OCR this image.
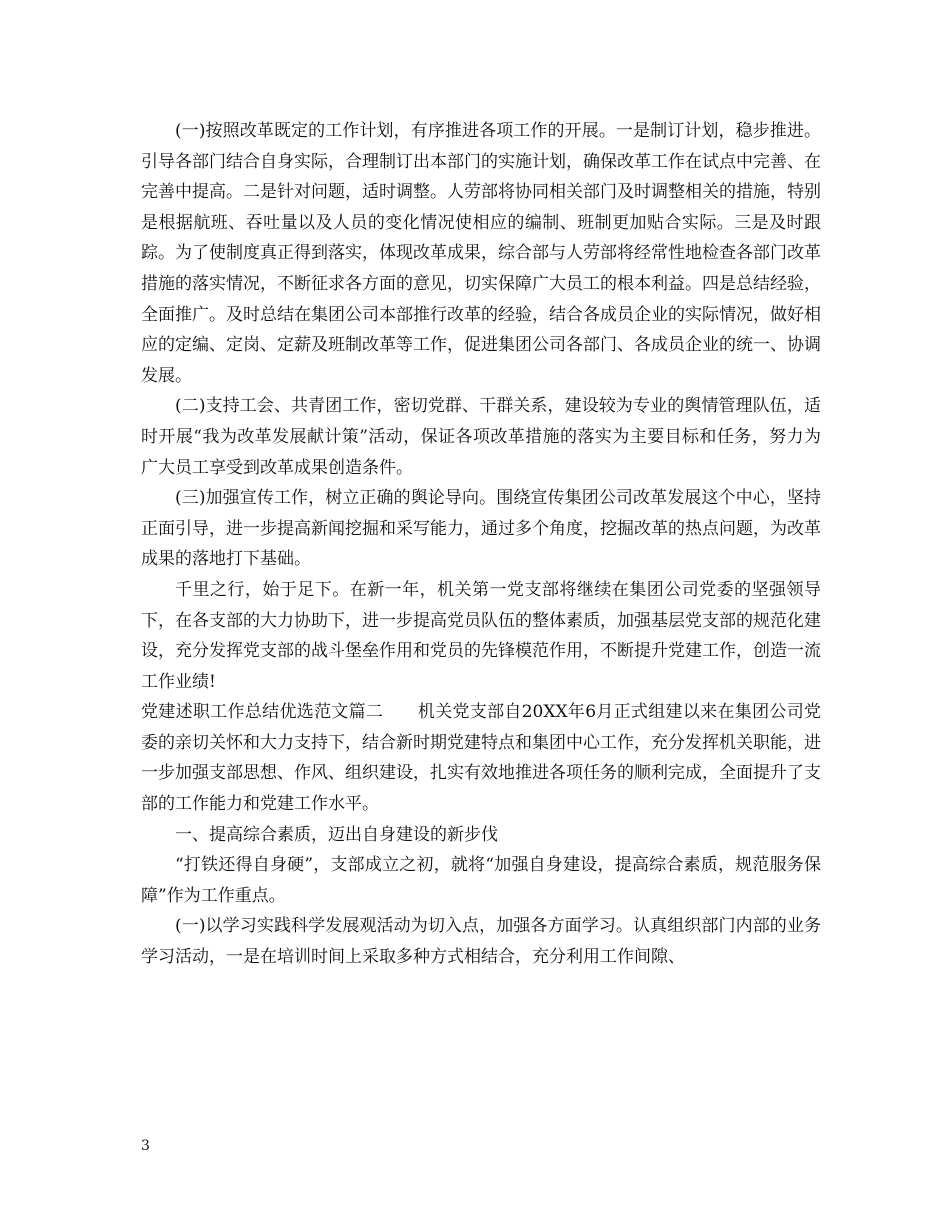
(一)按照改革既定的工作计划，有序推进各项工作的开展。一是制订计划，稳步推进。引导各部门结合自身实际，合理制订出本部门的实施计划，确保改革工作在试点中完善、在完善中提高。二是针对问题，适时调整。人劳部将协同相关部门及时调整相关的措施，特别是根据航班、吞吐量以及人员的变化情况使相应的编制、班制更加贴合实际。三是及时跟踪。为了使制度真正得到落实，体现改革成果，综合部与人劳部将经常性地检查各部门改革措施的落实情况，不断征求各方面的意见，切实保障广大员工的根本利益。四是总结经验，全面推广。及时总结在集团公司本部推行改革的经验，结合各成员企业的实际情况，做好相应的定编、定岗、定薪及班制改革等工作，促进集团公司各部门、各成员企业的统一、协调发展。

(二)支持工会、共青团工作，密切党群、干群关系，建设较为专业的舆情管理队伍，适时开展“我为改革发展献计策”活动，保证各项改革措施的落实为主要目标和任务，努力为广大员工享受到改革成果创造条件。

(三)加强宣传工作，树立正确的舆论导向。围绕宣传集团公司改革发展这个中心，坚持正面引导，进一步提高新闻挖掘和采写能力，通过多个角度，挖掘改革的热点问题，为改革成果的落地打下基础。

千里之行，始于足下。在新一年，机关第一党支部将继续在集团公司党委的坚强领导下，在各支部的大力协助下，进一步提高党员队伍的整体素质，加强基层党支部的规范化建设，充分发挥党支部的战斗堡垒作用和党员的先锋模范作用，不断提升党建工作，创造一流工作业绩!

党建述职工作总结优选范文篇二　　机关党支部自20XX年6月正式组建以来在集团公司党委的亲切关怀和大力支持下，结合新时期党建特点和集团中心工作，充分发挥机关职能，进一步加强支部思想、作风、组织建设，扎实有效地推进各项任务的顺利完成，全面提升了支部的工作能力和党建工作水平。

一、提高综合素质，迈出自身建设的新步伐

“打铁还得自身硬”，支部成立之初，就将“加强自身建设，提高综合素质，规范服务保障”作为工作重点。

(一)以学习实践科学发展观活动为切入点，加强各方面学习。认真组织部门内部的业务学习活动，一是在培训时间上采取多种方式相结合，充分利用工作间隙、

3
